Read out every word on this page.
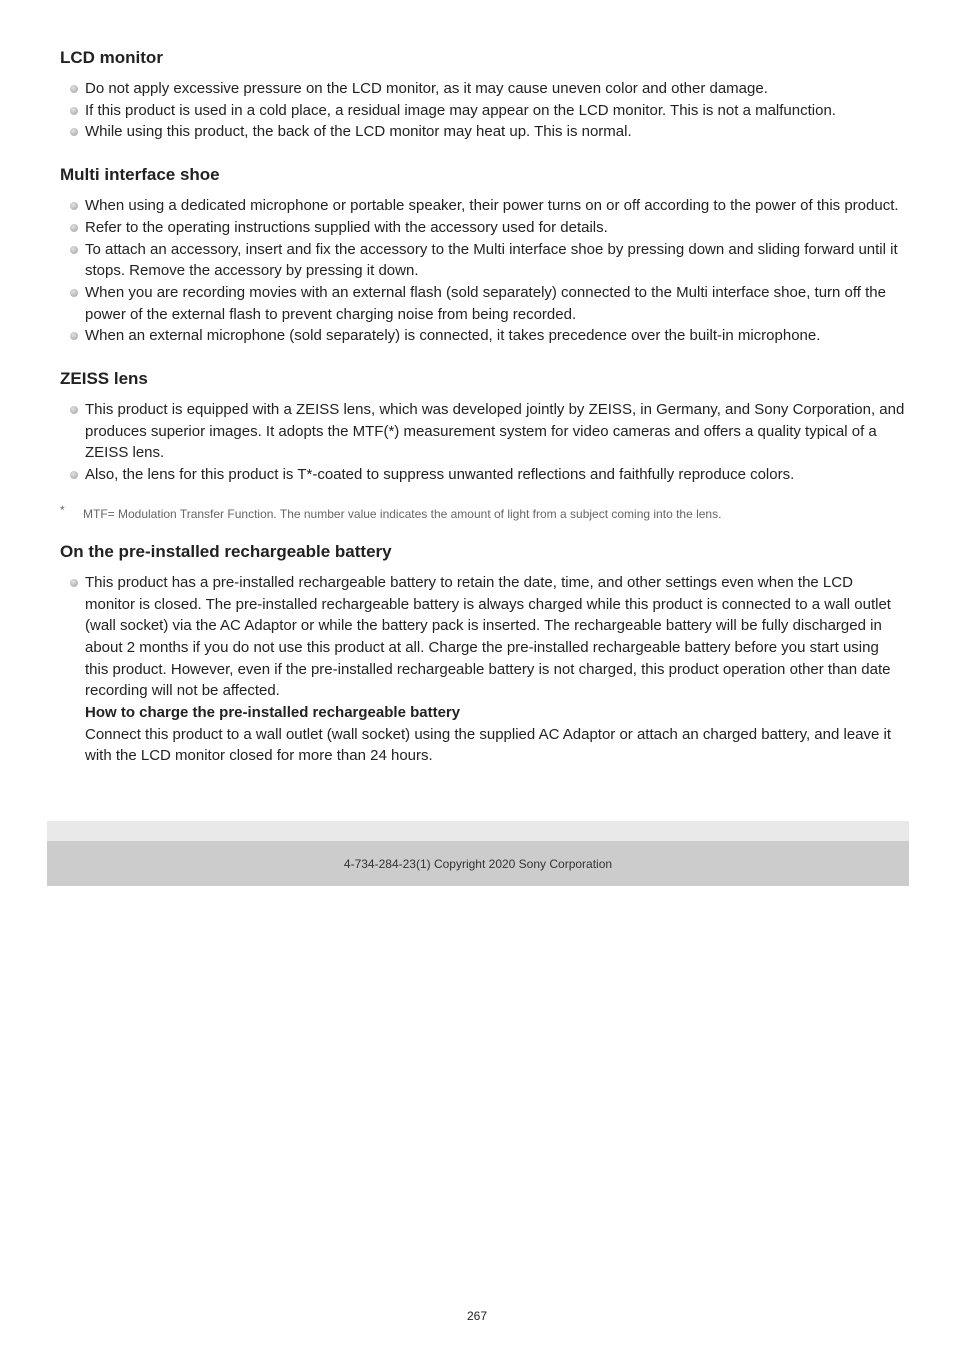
LCD monitor
Do not apply excessive pressure on the LCD monitor, as it may cause uneven color and other damage.
If this product is used in a cold place, a residual image may appear on the LCD monitor. This is not a malfunction.
While using this product, the back of the LCD monitor may heat up. This is normal.
Multi interface shoe
When using a dedicated microphone or portable speaker, their power turns on or off according to the power of this product.
Refer to the operating instructions supplied with the accessory used for details.
To attach an accessory, insert and fix the accessory to the Multi interface shoe by pressing down and sliding forward until it stops. Remove the accessory by pressing it down.
When you are recording movies with an external flash (sold separately) connected to the Multi interface shoe, turn off the power of the external flash to prevent charging noise from being recorded.
When an external microphone (sold separately) is connected, it takes precedence over the built-in microphone.
ZEISS lens
This product is equipped with a ZEISS lens, which was developed jointly by ZEISS, in Germany, and Sony Corporation, and produces superior images. It adopts the MTF(*) measurement system for video cameras and offers a quality typical of a ZEISS lens.
Also, the lens for this product is T*-coated to suppress unwanted reflections and faithfully reproduce colors.
* MTF= Modulation Transfer Function. The number value indicates the amount of light from a subject coming into the lens.
On the pre-installed rechargeable battery
This product has a pre-installed rechargeable battery to retain the date, time, and other settings even when the LCD monitor is closed. The pre-installed rechargeable battery is always charged while this product is connected to a wall outlet (wall socket) via the AC Adaptor or while the battery pack is inserted. The rechargeable battery will be fully discharged in about 2 months if you do not use this product at all. Charge the pre-installed rechargeable battery before you start using this product. However, even if the pre-installed rechargeable battery is not charged, this product operation other than date recording will not be affected.
How to charge the pre-installed rechargeable battery
Connect this product to a wall outlet (wall socket) using the supplied AC Adaptor or attach an charged battery, and leave it with the LCD monitor closed for more than 24 hours.
4-734-284-23(1) Copyright 2020 Sony Corporation
267
